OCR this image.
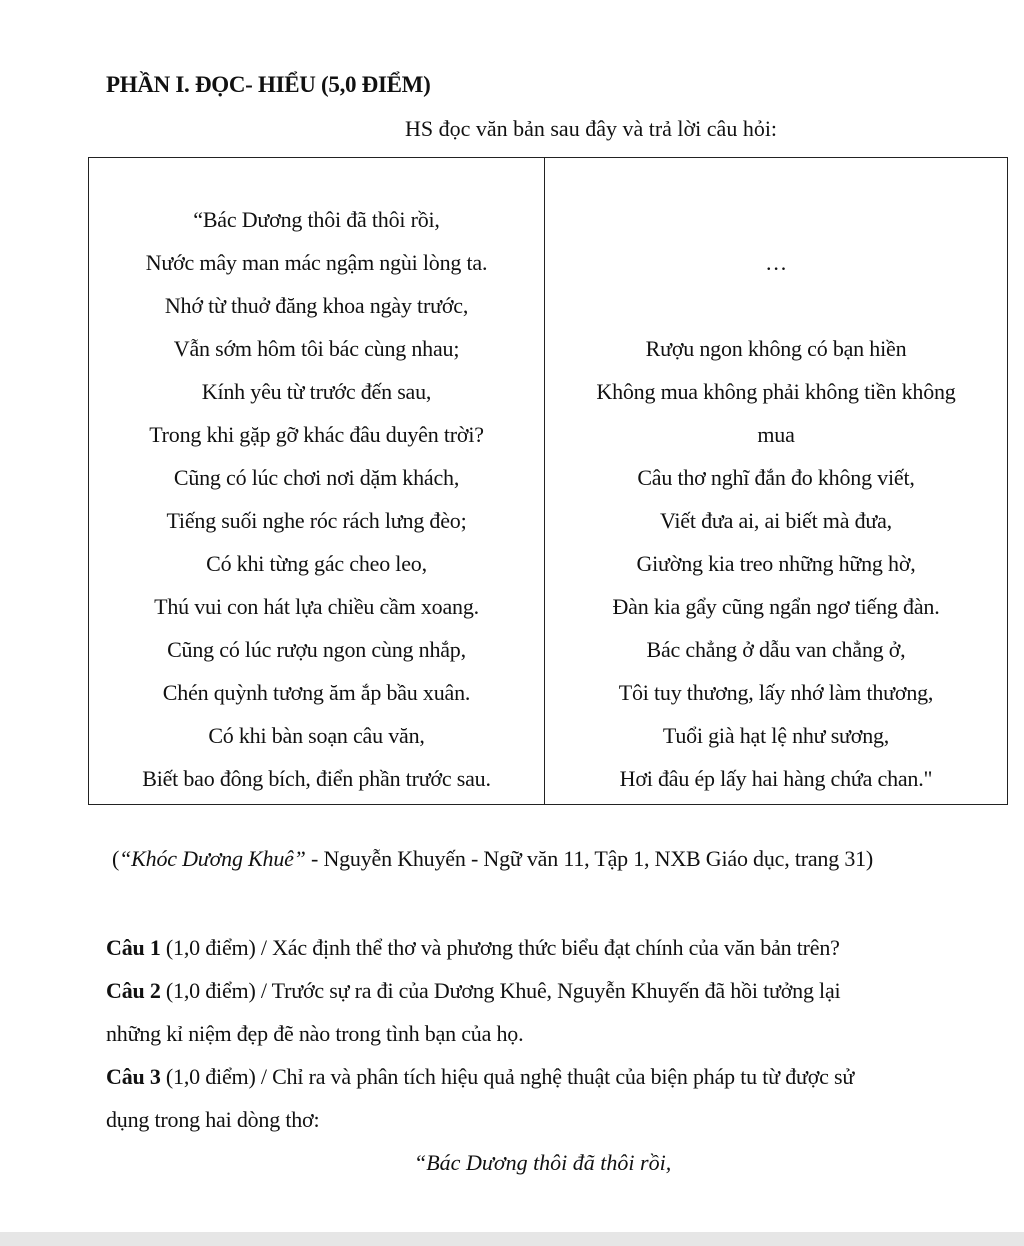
PHẦN I. ĐỌC- HIỂU (5,0 ĐIỂM)
HS đọc văn bản sau đây và trả lời câu hỏi:
“Bác Dương thôi đã thôi rồi,
Nước mây man mác ngậm ngùi lòng ta.
Nhớ từ thuở đăng khoa ngày trước,
Vẫn sớm hôm tôi bác cùng nhau;
Kính yêu từ trước đến sau,
Trong khi gặp gỡ khác đâu duyên trời?
Cũng có lúc chơi nơi dặm khách,
Tiếng suối nghe róc rách lưng đèo;
Có khi từng gác cheo leo,
Thú vui con hát lựa chiều cầm xoang.
Cũng có lúc rượu ngon cùng nhắp,
Chén quỳnh tương ăm ắp bầu xuân.
Có khi bàn soạn câu văn,
Biết bao đông bích, điển phần trước sau.
…
Rượu ngon không có bạn hiền
Không mua không phải không tiền không
mua
Câu thơ nghĩ đắn đo không viết,
Viết đưa ai, ai biết mà đưa,
Giường kia treo những hững hờ,
Đàn kia gẩy cũng ngẩn ngơ tiếng đàn.
Bác chẳng ở dẫu van chẳng ở,
Tôi tuy thương, lấy nhớ làm thương,
Tuổi già hạt lệ như sương,
Hơi đâu ép lấy hai hàng chứa chan."
(“Khóc Dương Khuê” - Nguyễn Khuyến - Ngữ văn 11, Tập 1, NXB Giáo dục, trang 31)
Câu 1 (1,0 điểm) / Xác định thể thơ và phương thức biểu đạt chính của văn bản trên?
Câu 2 (1,0 điểm) / Trước sự ra đi của Dương Khuê, Nguyễn Khuyến đã hồi tưởng lại
những kỉ niệm đẹp đẽ nào trong tình bạn của họ.
Câu 3 (1,0 điểm) / Chỉ ra và phân tích hiệu quả nghệ thuật của biện pháp tu từ được sử
dụng trong hai dòng thơ:
“Bác Dương thôi đã thôi rồi,
